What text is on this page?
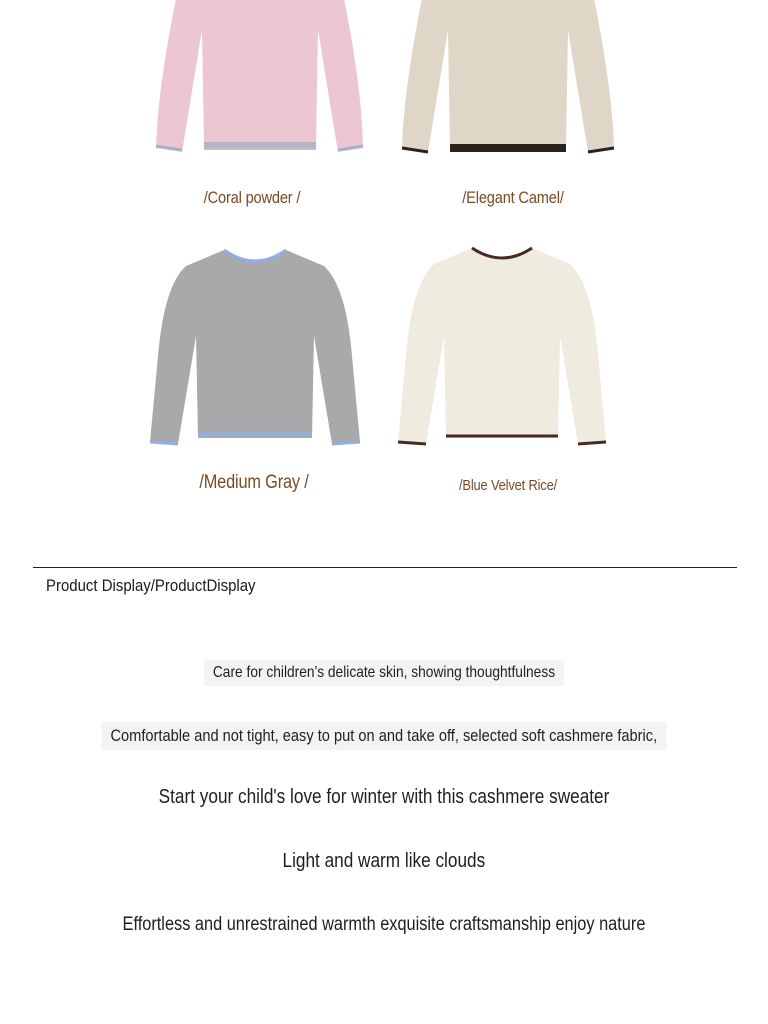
/Coral powder /	/Elegant Camel/
/Medium Gray /	/Blue Velvet Rice/
Product Display/ProductDisplay
Care for children's delicate skin, showing thoughtfulness
Comfortable and not tight, easy to put on and take off, selected soft cashmere fabric,
Start your child's love for winter with this cashmere sweater
Light and warm like clouds
Effortless and unrestrained warmth exquisite craftsmanship enjoy nature
